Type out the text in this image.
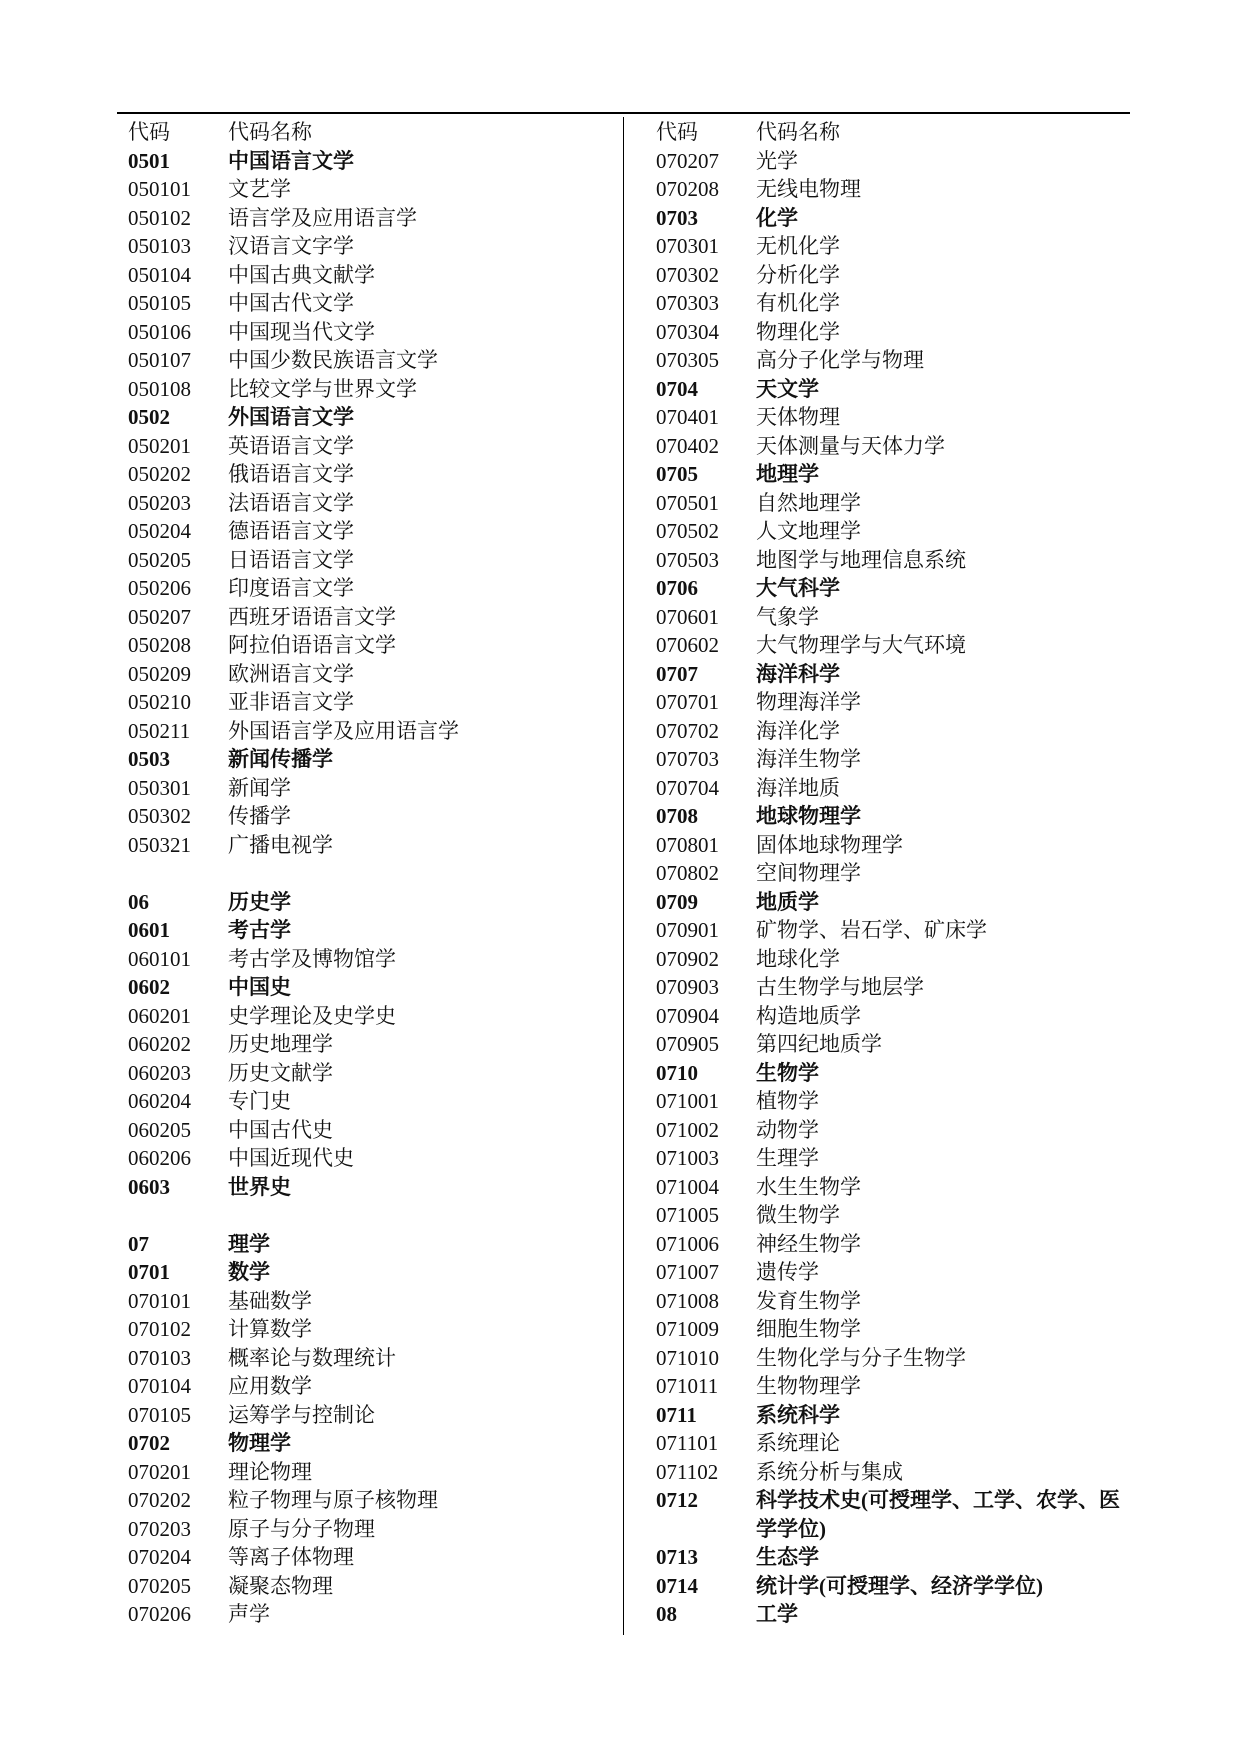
代码	代码名称
0501	中国语言文学
050101	文艺学
050102	语言学及应用语言学
050103	汉语言文字学
050104	中国古典文献学
050105	中国古代文学
050106	中国现当代文学
050107	中国少数民族语言文学
050108	比较文学与世界文学
0502	外国语言文学
050201	英语语言文学
050202	俄语语言文学
050203	法语语言文学
050204	德语语言文学
050205	日语语言文学
050206	印度语言文学
050207	西班牙语语言文学
050208	阿拉伯语语言文学
050209	欧洲语言文学
050210	亚非语言文学
050211	外国语言学及应用语言学
0503	新闻传播学
050301	新闻学
050302	传播学
050321	广播电视学
06	历史学
0601	考古学
060101	考古学及博物馆学
0602	中国史
060201	史学理论及史学史
060202	历史地理学
060203	历史文献学
060204	专门史
060205	中国古代史
060206	中国近现代史
0603	世界史
07	理学
0701	数学
070101	基础数学
070102	计算数学
070103	概率论与数理统计
070104	应用数学
070105	运筹学与控制论
0702	物理学
070201	理论物理
070202	粒子物理与原子核物理
070203	原子与分子物理
070204	等离子体物理
070205	凝聚态物理
070206	声学
代码	代码名称
070207	光学
070208	无线电物理
0703	化学
070301	无机化学
070302	分析化学
070303	有机化学
070304	物理化学
070305	高分子化学与物理
0704	天文学
070401	天体物理
070402	天体测量与天体力学
0705	地理学
070501	自然地理学
070502	人文地理学
070503	地图学与地理信息系统
0706	大气科学
070601	气象学
070602	大气物理学与大气环境
0707	海洋科学
070701	物理海洋学
070702	海洋化学
070703	海洋生物学
070704	海洋地质
0708	地球物理学
070801	固体地球物理学
070802	空间物理学
0709	地质学
070901	矿物学、岩石学、矿床学
070902	地球化学
070903	古生物学与地层学
070904	构造地质学
070905	第四纪地质学
0710	生物学
071001	植物学
071002	动物学
071003	生理学
071004	水生生物学
071005	微生物学
071006	神经生物学
071007	遗传学
071008	发育生物学
071009	细胞生物学
071010	生物化学与分子生物学
071011	生物物理学
0711	系统科学
071101	系统理论
071102	系统分析与集成
0712	科学技术史(可授理学、工学、农学、医学学位)
0713	生态学
0714	统计学(可授理学、经济学学位)
08	工学
